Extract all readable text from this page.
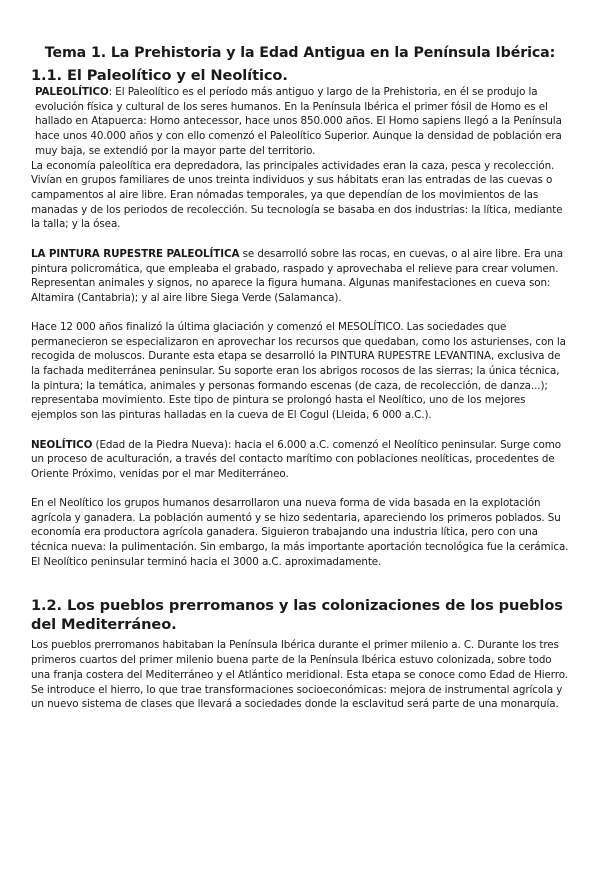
Tema 1. La Prehistoria y la Edad Antigua en la Península Ibérica:
1.1. El Paleolítico y el Neolítico.

PALEOLÍTICO: El Paleolítico es el período más antiguo y largo de la Prehistoria, en él se produjo la evolución física y cultural de los seres humanos. En la Península Ibérica el primer fósil de Homo es el hallado en Atapuerca: Homo antecessor, hace unos 850.000 años. El Homo sapiens llegó a la Península hace unos 40.000 años y con ello comenzó el Paleolítico Superior. Aunque la densidad de población era muy baja, se extendió por la mayor parte del territorio.

La economía paleolítica era depredadora, las principales actividades eran la caza, pesca y recolección. Vivían en grupos familiares de unos treinta individuos y sus hábitats eran las entradas de las cuevas o campamentos al aire libre. Eran nómadas temporales, ya que dependían de los movimientos de las manadas y de los periodos de recolección. Su tecnología se basaba en dos industrias: la lítica, mediante la talla; y la ósea.

LA PINTURA RUPESTRE PALEOLÍTICA se desarrolló sobre las rocas, en cuevas, o al aire libre. Era una pintura policromática, que empleaba el grabado, raspado y aprovechaba el relieve para crear volumen. Representan animales y signos, no aparece la figura humana. Algunas manifestaciones en cueva son: Altamira (Cantabria); y al aire libre Siega Verde (Salamanca).

Hace 12 000 años finalizó la última glaciación y comenzó el MESOLÍTICO. Las sociedades que permanecieron se especializaron en aprovechar los recursos que quedaban, como los asturienses, con la recogida de moluscos. Durante esta etapa se desarrolló la PINTURA RUPESTRE LEVANTINA, exclusiva de la fachada mediterránea peninsular. Su soporte eran los abrigos rocosos de las sierras; la única técnica, la pintura; la temática, animales y personas formando escenas (de caza, de recolección, de danza...); representaba movimiento. Este tipo de pintura se prolongó hasta el Neolítico, uno de los mejores ejemplos son las pinturas halladas en la cueva de El Cogul (Lleida, 6 000 a.C.).

NEOLÍTICO (Edad de la Piedra Nueva): hacia el 6.000 a.C. comenzó el Neolítico peninsular. Surge como un proceso de aculturación, a través del contacto marítimo con poblaciones neolíticas, procedentes de Oriente Próximo, venidas por el mar Mediterráneo.

En el Neolítico los grupos humanos desarrollaron una nueva forma de vida basada en la explotación agrícola y ganadera. La población aumentó y se hizo sedentaria, apareciendo los primeros poblados. Su economía era productora agrícola ganadera. Siguieron trabajando una industria lítica, pero con una técnica nueva: la pulimentación. Sin embargo, la más importante aportación tecnológica fue la cerámica. El Neolítico peninsular terminó hacia el 3000 a.C. aproximadamente.

1.2. Los pueblos prerromanos y las colonizaciones de los pueblos del Mediterráneo.

Los pueblos prerromanos habitaban la Península Ibérica durante el primer milenio a. C. Durante los tres primeros cuartos del primer milenio buena parte de la Península Ibérica estuvo colonizada, sobre todo una franja costera del Mediterráneo y el Atlántico meridional. Esta etapa se conoce como Edad de Hierro. Se introduce el hierro, lo que trae transformaciones socioeconómicas: mejora de instrumental agrícola y un nuevo sistema de clases que llevará a sociedades donde la esclavitud será parte de una monarquía.
